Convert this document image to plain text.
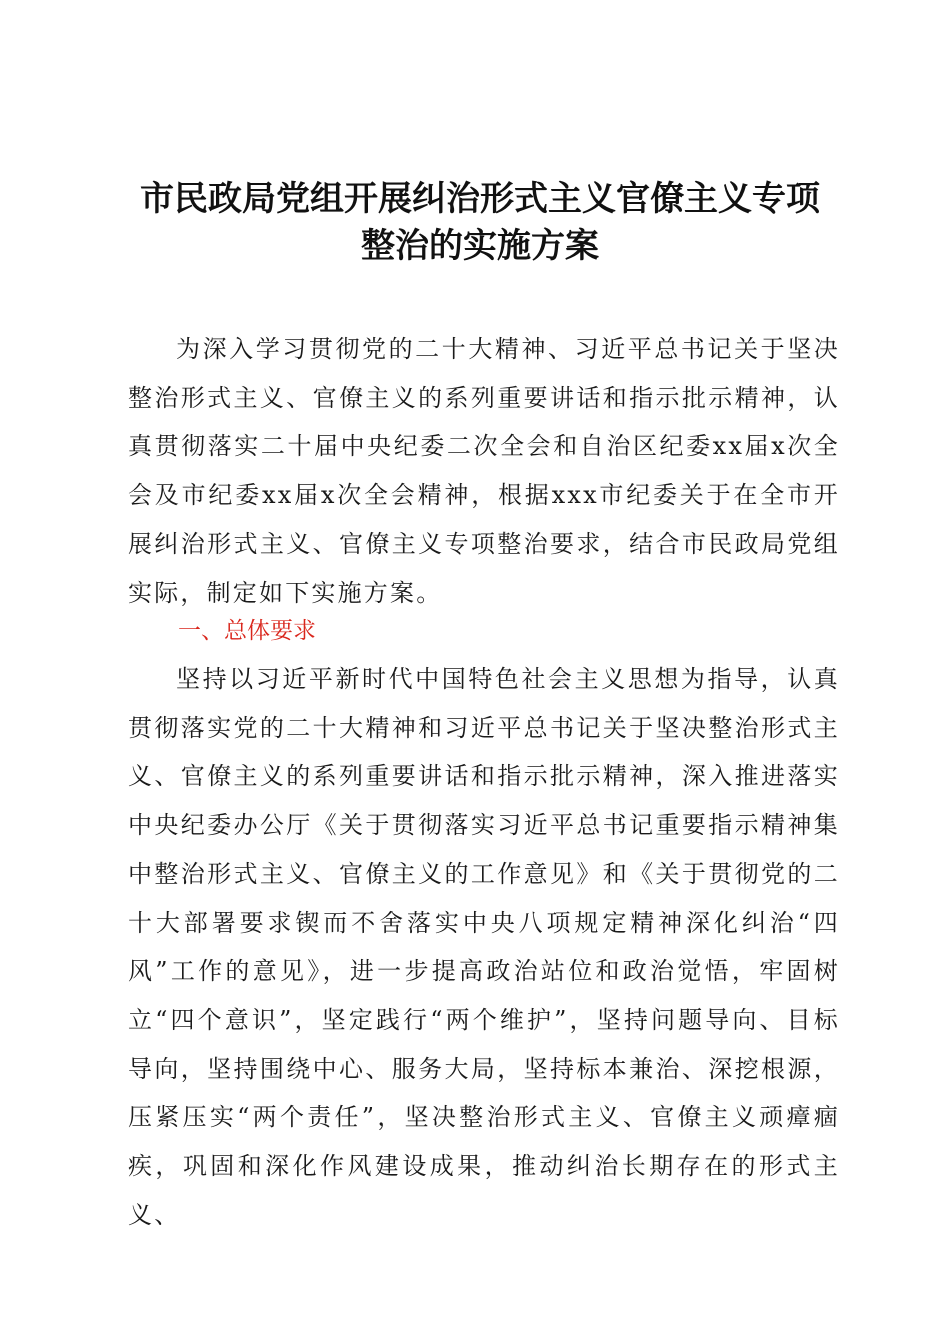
市民政局党组开展纠治形式主义官僚主义专项
整治的实施方案

为深入学习贯彻党的二十大精神、习近平总书记关于坚决整治形式主义、官僚主义的系列重要讲话和指示批示精神，认真贯彻落实二十届中央纪委二次全会和自治区纪委xx届x次全会及市纪委xx届x次全会精神，根据xxx市纪委关于在全市开展纠治形式主义、官僚主义专项整治要求，结合市民政局党组实际，制定如下实施方案。

一、总体要求

坚持以习近平新时代中国特色社会主义思想为指导，认真贯彻落实党的二十大精神和习近平总书记关于坚决整治形式主义、官僚主义的系列重要讲话和指示批示精神，深入推进落实中央纪委办公厅《关于贯彻落实习近平总书记重要指示精神集中整治形式主义、官僚主义的工作意见》和《关于贯彻党的二十大部署要求锲而不舍落实中央八项规定精神深化纠治“四风”工作的意见》，进一步提高政治站位和政治觉悟，牢固树立“四个意识”，坚定践行“两个维护”，坚持问题导向、目标导向，坚持围绕中心、服务大局，坚持标本兼治、深挖根源，压紧压实“两个责任”，坚决整治形式主义、官僚主义顽瘴痼疾，巩固和深化作风建设成果，推动纠治长期存在的形式主义、
